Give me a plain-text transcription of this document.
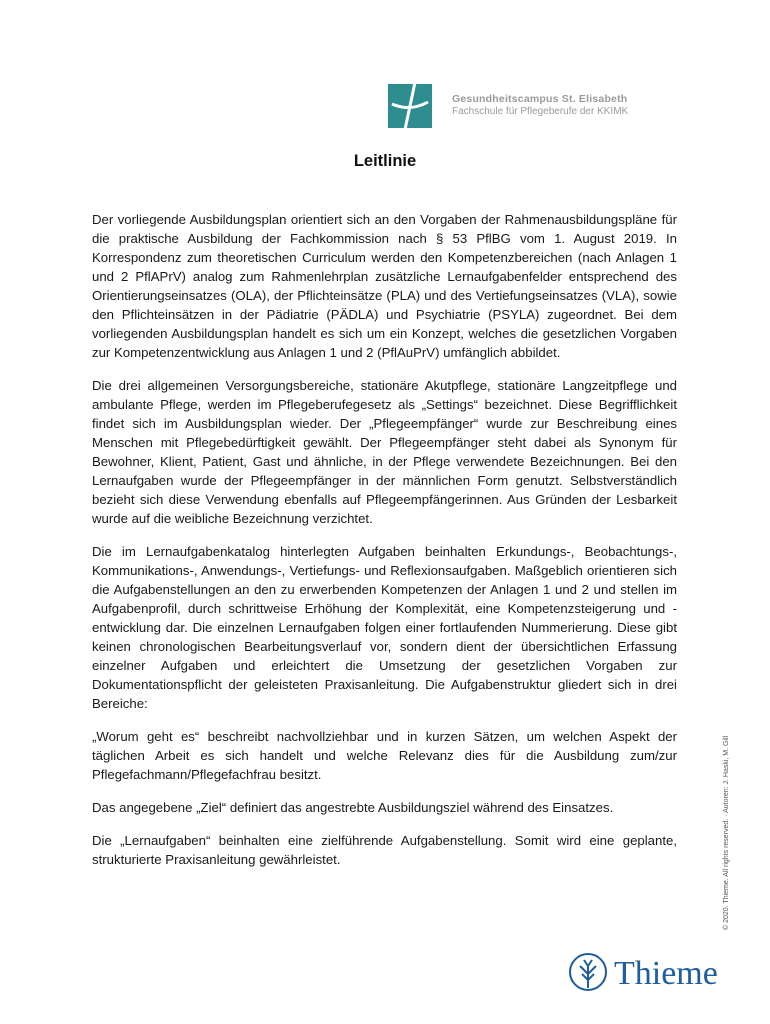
Gesundheitscampus St. Elisabeth
Fachschule für Pflegeberufe der KKIMK
Leitlinie

Der vorliegende Ausbildungsplan orientiert sich an den Vorgaben der Rahmenausbildungspläne für die praktische Ausbildung der Fachkommission nach § 53 PflBG vom 1. August 2019. In Korrespondenz zum theoretischen Curriculum werden den Kompetenzbereichen (nach Anlagen 1 und 2 PflAPrV) analog zum Rahmenlehrplan zusätzliche Lernaufgabenfelder entsprechend des Orientierungseinsatzes (OLA), der Pflichteinsätze (PLA) und des Vertiefungseinsatzes (VLA), sowie den Pflichteinsätzen in der Pädiatrie (PÄDLA) und Psychiatrie (PSYLA) zugeordnet. Bei dem vorliegenden Ausbildungsplan handelt es sich um ein Konzept, welches die gesetzlichen Vorgaben zur Kompetenzentwicklung aus Anlagen 1 und 2 (PflAuPrV) umfänglich abbildet.

Die drei allgemeinen Versorgungsbereiche, stationäre Akutpflege, stationäre Langzeitpflege und ambulante Pflege, werden im Pflegeberufegesetz als „Settings“ bezeichnet. Diese Begrifflichkeit findet sich im Ausbildungsplan wieder. Der „Pflegeempfänger“ wurde zur Beschreibung eines Menschen mit Pflegebedürftigkeit gewählt. Der Pflegeempfänger steht dabei als Synonym für Bewohner, Klient, Patient, Gast und ähnliche, in der Pflege verwendete Bezeichnungen. Bei den Lernaufgaben wurde der Pflegeempfänger in der männlichen Form genutzt. Selbstverständlich bezieht sich diese Verwendung ebenfalls auf Pflegeempfängerinnen. Aus Gründen der Lesbarkeit wurde auf die weibliche Bezeichnung verzichtet.

Die im Lernaufgabenkatalog hinterlegten Aufgaben beinhalten Erkundungs-, Beobachtungs-, Kommunikations-, Anwendungs-, Vertiefungs- und Reflexionsaufgaben. Maßgeblich orientieren sich die Aufgabenstellungen an den zu erwerbenden Kompetenzen der Anlagen 1 und 2 und stellen im Aufgabenprofil, durch schrittweise Erhöhung der Komplexität, eine Kompetenzsteigerung und -entwicklung dar. Die einzelnen Lernaufgaben folgen einer fortlaufenden Nummerierung. Diese gibt keinen chronologischen Bearbeitungsverlauf vor, sondern dient der übersichtlichen Erfassung einzelner Aufgaben und erleichtert die Umsetzung der gesetzlichen Vorgaben zur Dokumentationspflicht der geleisteten Praxisanleitung. Die Aufgabenstruktur gliedert sich in drei Bereiche:

„Worum geht es“ beschreibt nachvollziehbar und in kurzen Sätzen, um welchen Aspekt der täglichen Arbeit es sich handelt und welche Relevanz dies für die Ausbildung zum/zur Pflegefachmann/Pflegefachfrau besitzt.

Das angegebene „Ziel“ definiert das angestrebte Ausbildungsziel während des Einsatzes.

Die „Lernaufgaben“ beinhalten eine zielführende Aufgabenstellung. Somit wird eine geplante, strukturierte Praxisanleitung gewährleistet.	© 2020. Thieme. All rights reserved. · Autoren: J. Haski, M. Gill
Thieme
